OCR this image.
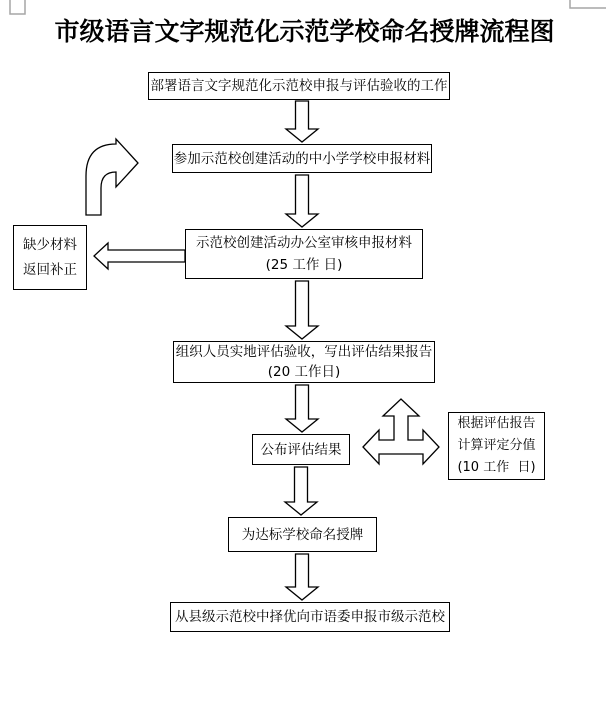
市级语言文字规范化示范学校命名授牌流程图
部署语言文字规范化示范校申报与评估验收的工作
参加示范校创建活动的中小学学校申报材料
示范校创建活动办公室审核申报材料
(25 工作 日)
组织人员实地评估验收，写出评估结果报告
(20 工作日)
公布评估结果
为达标学校命名授牌
从县级示范校中择优向市语委申报市级示范校
缺少材料
返回补正
根据评估报告
计算评定分值
(10 工作  日)
